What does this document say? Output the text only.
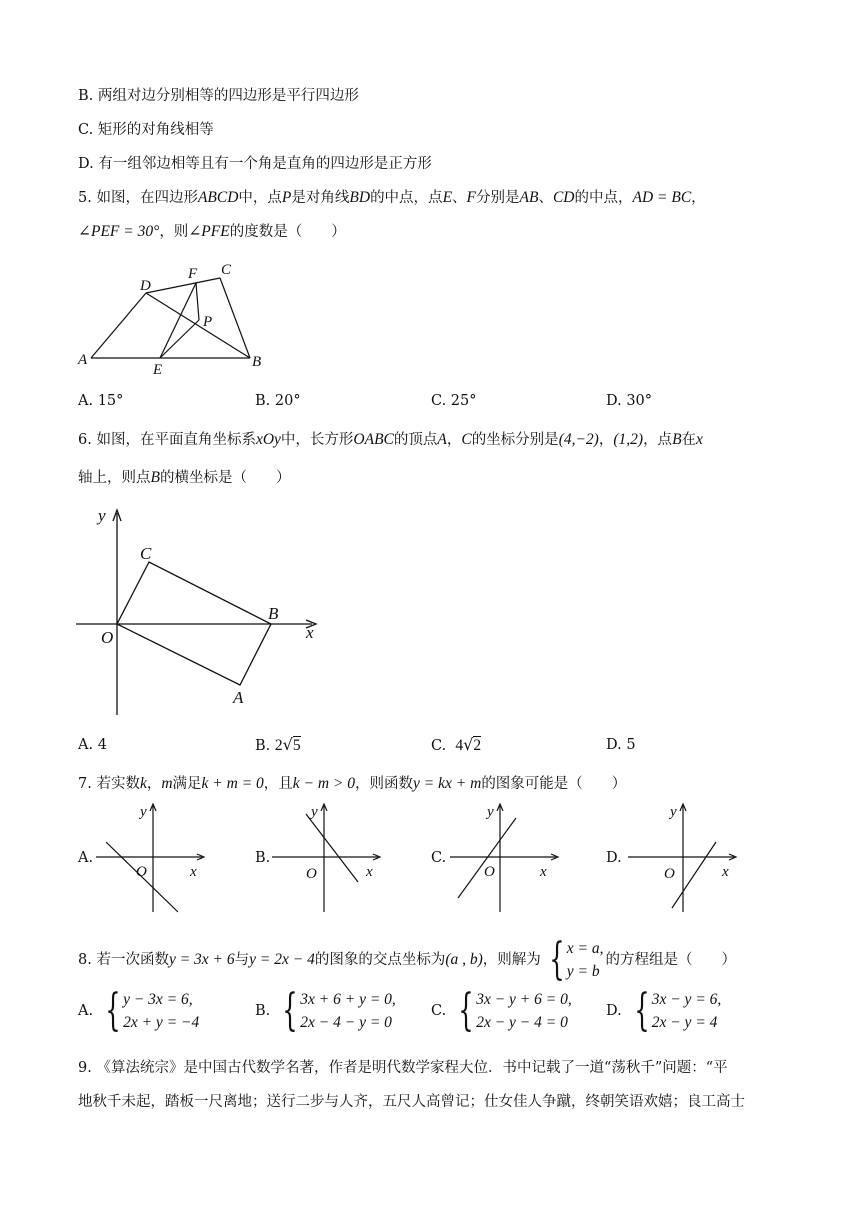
B. 两组对边分别相等的四边形是平行四边形
C. 矩形的对角线相等
D. 有一组邻边相等且有一个角是直角的四边形是正方形
5. 如图，在四边形ABCD中，点P是对角线BD的中点，点E、F分别是AB、CD的中点，AD = BC，
∠PEF = 30°，则∠PFE的度数是（　　）
A	B
C
D
E
F
P
A. 15°	B. 20°	C. 25°	D. 30°
6. 如图，在平面直角坐标系xOy中，长方形OABC的顶点A，C的坐标分别是(4,−2)，(1,2)，点B在x
轴上，则点B的横坐标是（　　）
y
x
O
A
B
C
A. 4	B. 2√5	C. 4√2	D. 5
7. 若实数k，m满足k + m = 0，且k − m > 0，则函数y = kx + m的图象可能是（　　）
A.
y
x
O
B.
y
x
O
C.
y
x
O
D.
y
x
O
8. 若一次函数 y = 3x + 6 与 y = 2x − 4 的图象的交点坐标为 (a , b) ，则解为 { x = a,
y = b
的方程组是（　　）
A. { y − 3x = 6,
2x + y = −4
B. { 3x + 6 + y = 0,
2x − 4 − y = 0
C. { 3x − y + 6 = 0,
2x − y − 4 = 0
D. { 3x − y = 6,
2x − y = 4
9. 《算法统宗》是中国古代数学名著，作者是明代数学家程大位．书中记载了一道“荡秋千”问题：“平
地秋千未起，踏板一尺离地；送行二步与人齐，五尺人高曾记；仕女佳人争蹴，终朝笑语欢嬉；良工高士
